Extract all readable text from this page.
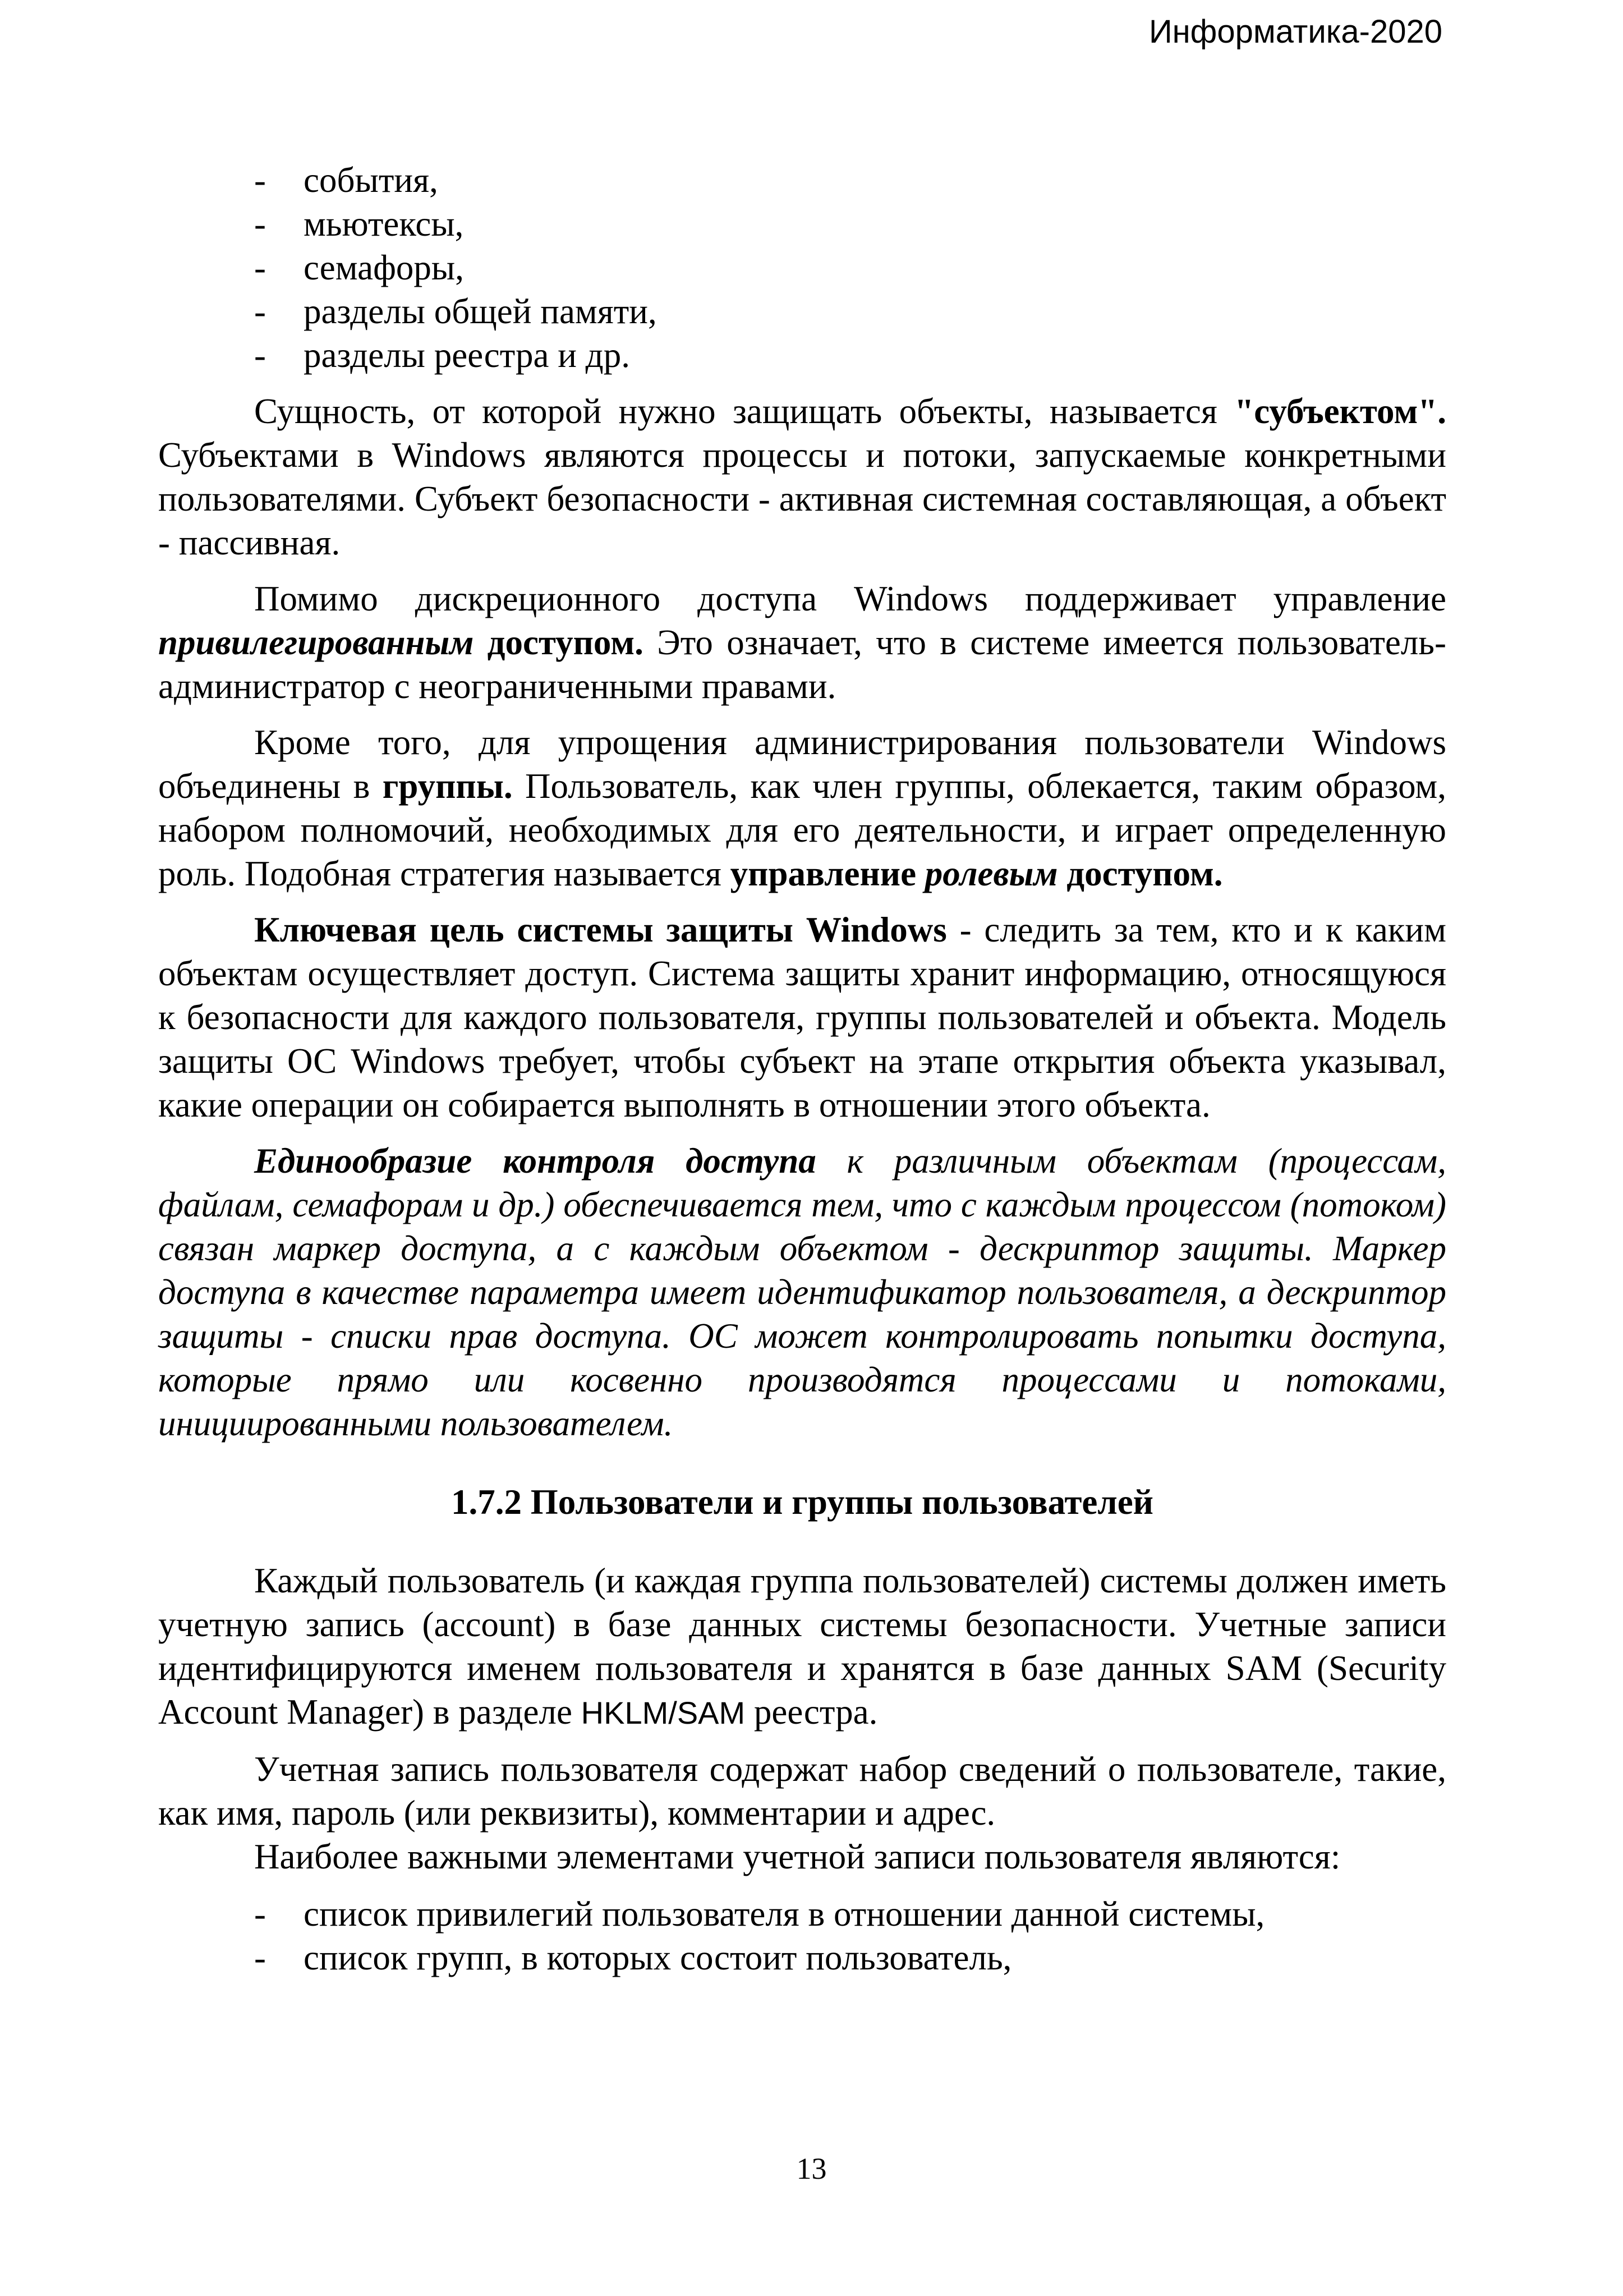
Информатика-2020
- события,
- мьютексы,
- семафоры,
- разделы общей памяти,
- разделы реестра и др.

Сущность, от которой нужно защищать объекты, называется "субъектом". Субъектами в Windows являются процессы и потоки, запускаемые конкретными пользователями. Субъект безопасности - активная системная составляющая, а объект - пассивная.

Помимо дискреционного доступа Windows поддерживает управление привилегированным доступом. Это означает, что в системе имеется пользователь-администратор с неограниченными правами.

Кроме того, для упрощения администрирования пользователи Windows объединены в группы. Пользователь, как член группы, облекается, таким образом, набором полномочий, необходимых для его деятельности, и играет определенную роль. Подобная стратегия называется управление ролевым доступом.

Ключевая цель системы защиты Windows - следить за тем, кто и к каким объектам осуществляет доступ. Система защиты хранит информацию, относящуюся к безопасности для каждого пользователя, группы пользователей и объекта. Модель защиты ОС Windows требует, чтобы субъект на этапе открытия объекта указывал, какие операции он собирается выполнять в отношении этого объекта.

Единообразие контроля доступа к различным объектам (процессам, файлам, семафорам и др.) обеспечивается тем, что с каждым процессом (потоком) связан маркер доступа, а с каждым объектом - дескриптор защиты. Маркер доступа в качестве параметра имеет идентификатор пользователя, а дескриптор защиты - списки прав доступа. ОС может контролировать попытки доступа, которые прямо или косвенно производятся процессами и потоками, инициированными пользователем.

1.7.2 Пользователи и группы пользователей

Каждый пользователь (и каждая группа пользователей) системы должен иметь учетную запись (account) в базе данных системы безопасности. Учетные записи идентифицируются именем пользователя и хранятся в базе данных SAM (Security Account Manager) в разделе HKLM/SAM реестра.

Учетная запись пользователя содержат набор сведений о пользователе, такие, как имя, пароль (или реквизиты), комментарии и адрес.

Наиболее важными элементами учетной записи пользователя являются:

- список привилегий пользователя в отношении данной системы,
- список групп, в которых состоит пользователь,
13
